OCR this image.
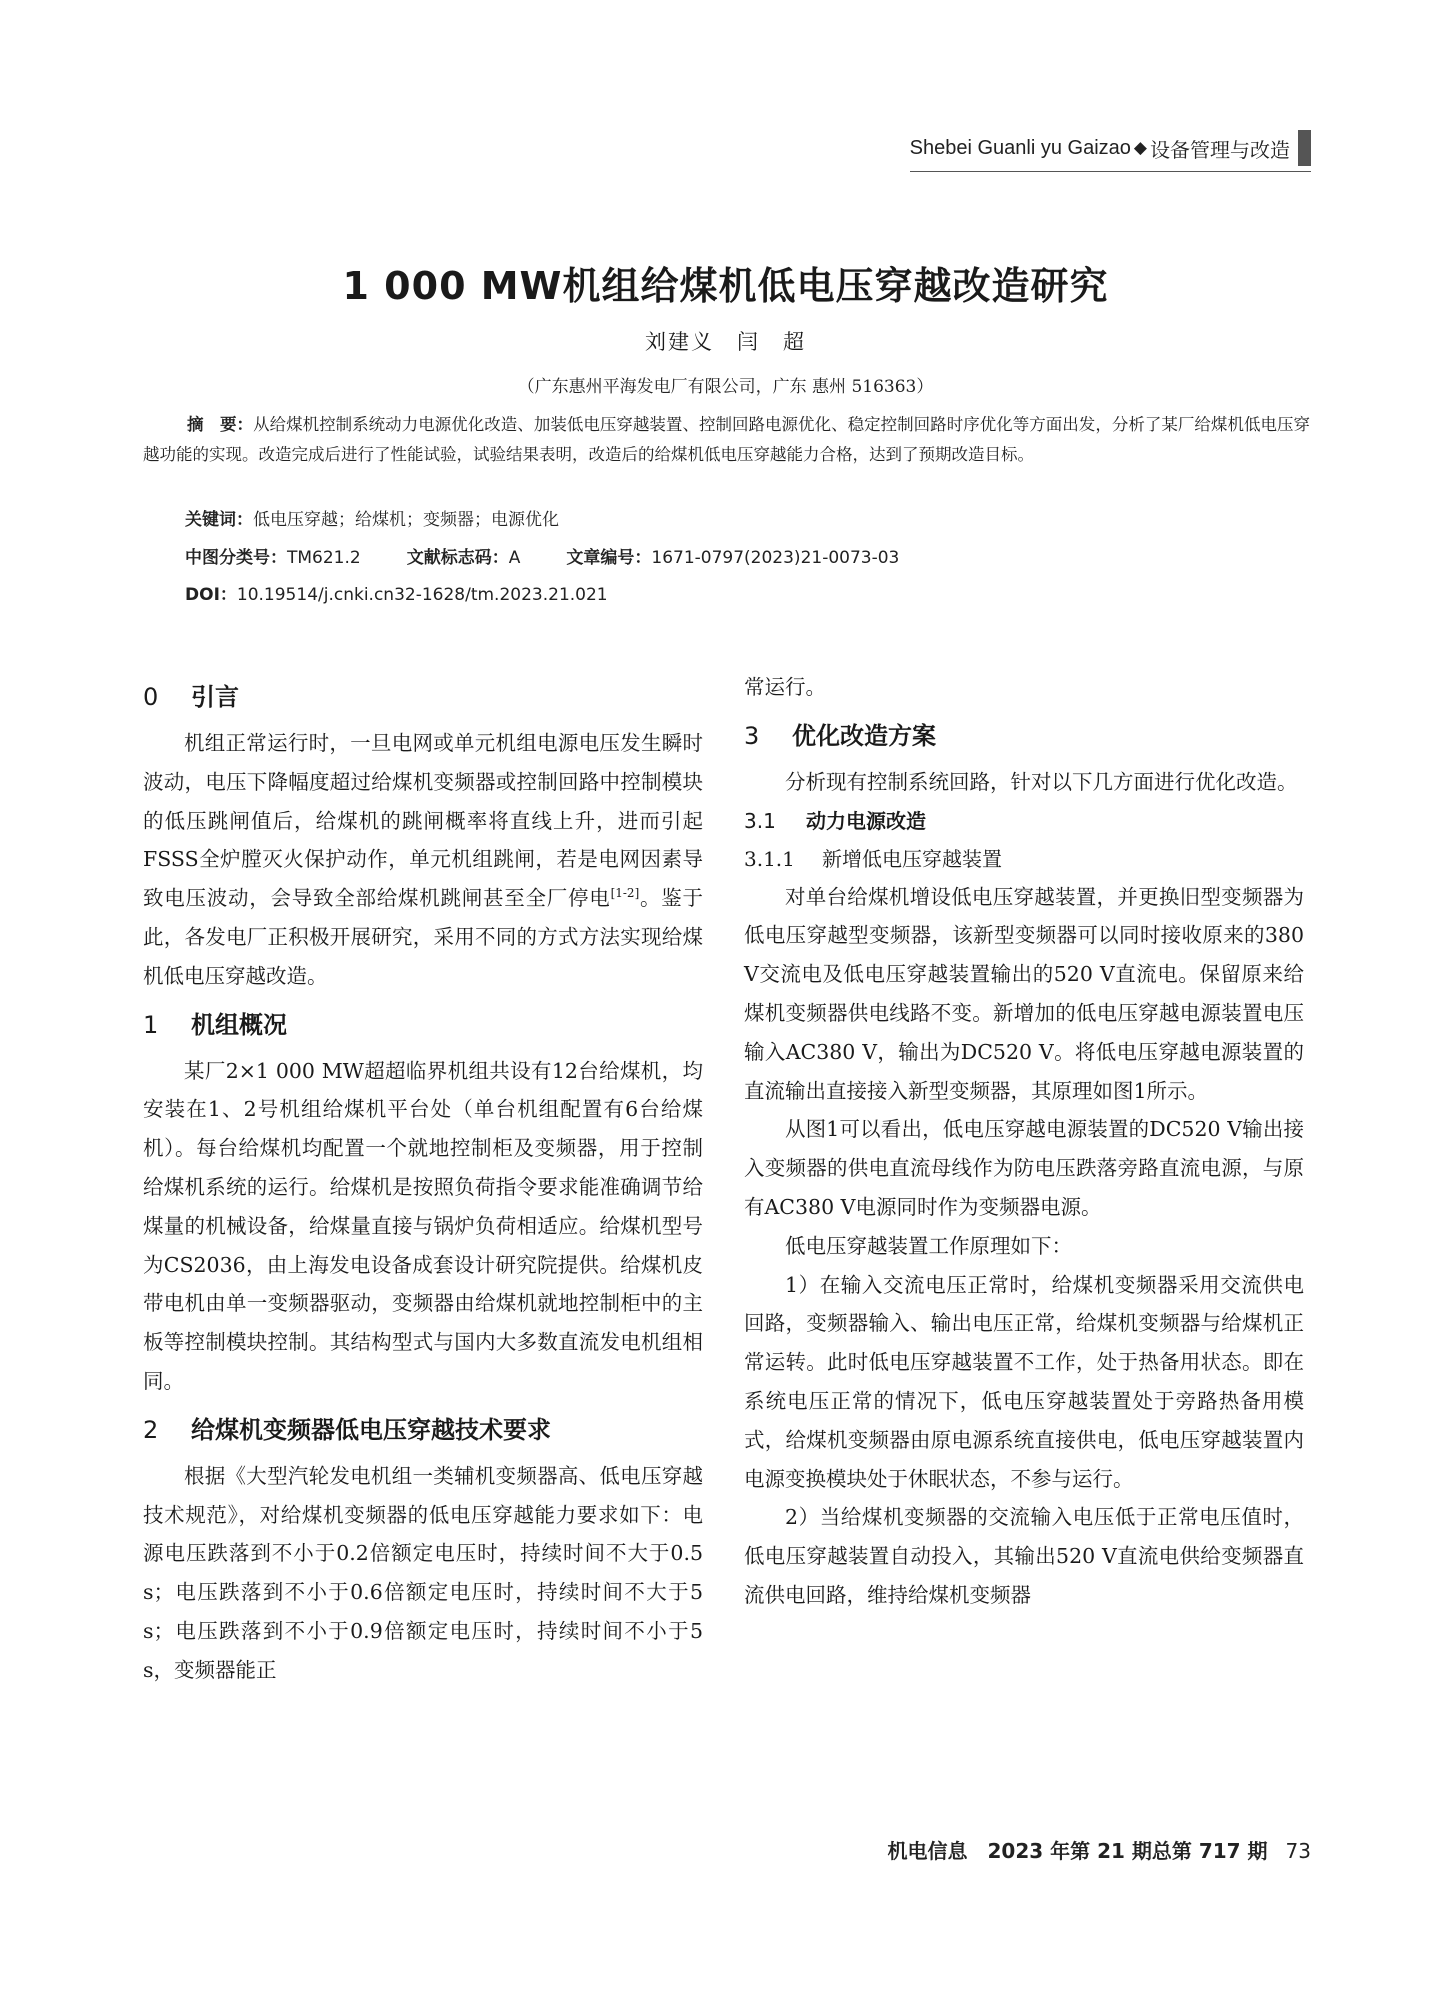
Shebei Guanli yu Gaizao ◆ 设备管理与改造
1 000 MW机组给煤机低电压穿越改造研究
刘建义　闫　超
（广东惠州平海发电厂有限公司，广东 惠州 516363）

摘　要：从给煤机控制系统动力电源优化改造、加装低电压穿越装置、控制回路电源优化、稳定控制回路时序优化等方面出发，分析了某厂给煤机低电压穿越功能的实现。改造完成后进行了性能试验，试验结果表明，改造后的给煤机低电压穿越能力合格，达到了预期改造目标。

关键词：低电压穿越；给煤机；变频器；电源优化
中图分类号：TM621.2	文献标志码：A	文章编号：1671-0797(2023)21-0073-03
DOI：10.19514/j.cnki.cn32-1628/tm.2023.21.021
0 引言

机组正常运行时，一旦电网或单元机组电源电压发生瞬时波动，电压下降幅度超过给煤机变频器或控制回路中控制模块的低压跳闸值后，给煤机的跳闸概率将直线上升，进而引起FSSS全炉膛灭火保护动作，单元机组跳闸，若是电网因素导致电压波动，会导致全部给煤机跳闸甚至全厂停电[1-2]。鉴于此，各发电厂正积极开展研究，采用不同的方式方法实现给煤机低电压穿越改造。

1 机组概况

某厂2×1 000 MW超超临界机组共设有12台给煤机，均安装在1、2号机组给煤机平台处（单台机组配置有6台给煤机）。每台给煤机均配置一个就地控制柜及变频器，用于控制给煤机系统的运行。给煤机是按照负荷指令要求能准确调节给煤量的机械设备，给煤量直接与锅炉负荷相适应。给煤机型号为CS2036，由上海发电设备成套设计研究院提供。给煤机皮带电机由单一变频器驱动，变频器由给煤机就地控制柜中的主板等控制模块控制。其结构型式与国内大多数直流发电机组相同。

2 给煤机变频器低电压穿越技术要求

根据《大型汽轮发电机组一类辅机变频器高、低电压穿越技术规范》，对给煤机变频器的低电压穿越能力要求如下：电源电压跌落到不小于0.2倍额定电压时，持续时间不大于0.5 s；电压跌落到不小于0.6倍额定电压时，持续时间不大于5 s；电压跌落到不小于0.9倍额定电压时，持续时间不小于5 s，变频器能正

常运行。

3 优化改造方案

分析现有控制系统回路，针对以下几方面进行优化改造。

3.1 动力电源改造
3.1.1 新增低电压穿越装置

对单台给煤机增设低电压穿越装置，并更换旧型变频器为低电压穿越型变频器，该新型变频器可以同时接收原来的380 V交流电及低电压穿越装置输出的520 V直流电。保留原来给煤机变频器供电线路不变。新增加的低电压穿越电源装置电压输入AC380 V，输出为DC520 V。将低电压穿越电源装置的直流输出直接接入新型变频器，其原理如图1所示。

从图1可以看出，低电压穿越电源装置的DC520 V输出接入变频器的供电直流母线作为防电压跌落旁路直流电源，与原有AC380 V电源同时作为变频器电源。

低电压穿越装置工作原理如下：

1）在输入交流电压正常时，给煤机变频器采用交流供电回路，变频器输入、输出电压正常，给煤机变频器与给煤机正常运转。此时低电压穿越装置不工作，处于热备用状态。即在系统电压正常的情况下，低电压穿越装置处于旁路热备用模式，给煤机变频器由原电源系统直接供电，低电压穿越装置内电源变换模块处于休眠状态，不参与运行。

2）当给煤机变频器的交流输入电压低于正常电压值时，低电压穿越装置自动投入，其输出520 V直流电供给变频器直流供电回路，维持给煤机变频器

机电信息　2023 年第 21 期总第 717 期 73
